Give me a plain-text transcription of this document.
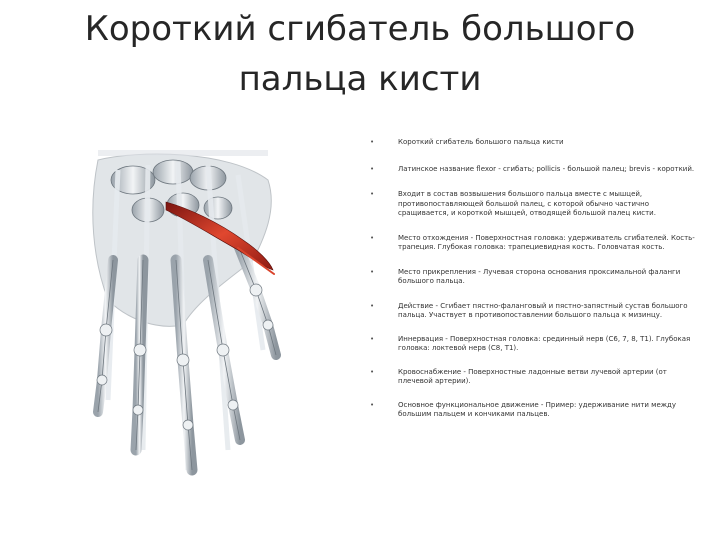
Короткий сгибатель большого пальца кисти
•	Короткий сгибатель большого пальца кисти
•	Латинское название flexor - сгибать; pollicis - большой палец; brevis - короткий.
•	Входит в состав возвышения большого пальца вместе с мышцей, противопоставляющей большой палец, с которой обычно частично сращивается, и короткой мышцей, отводящей большой палец кисти.
•	Место отхождения - Поверхностная головка: удерживатель сгибателей. Кость-трапеция. Глубокая головка: трапециевидная кость. Головчатая кость.
•	Место прикрепления - Лучевая сторона основания проксимальной фаланги большого пальца.
•	Действие - Сгибает пястно-фаланговый и пястно-запястный сустав большого пальца. Участвует в противопоставлении большого пальца к мизинцу.
•	Иннервация - Поверхностная головка: срединный нерв (C6, 7, 8, T1). Глубокая головка: локтевой нерв (C8, T1).
•	Кровоснабжение - Поверхностные ладонные ветви лучевой артерии (от плечевой артерии).
•	Основное функциональное движение - Пример: удерживание нити между большим пальцем и кончиками пальцев.
